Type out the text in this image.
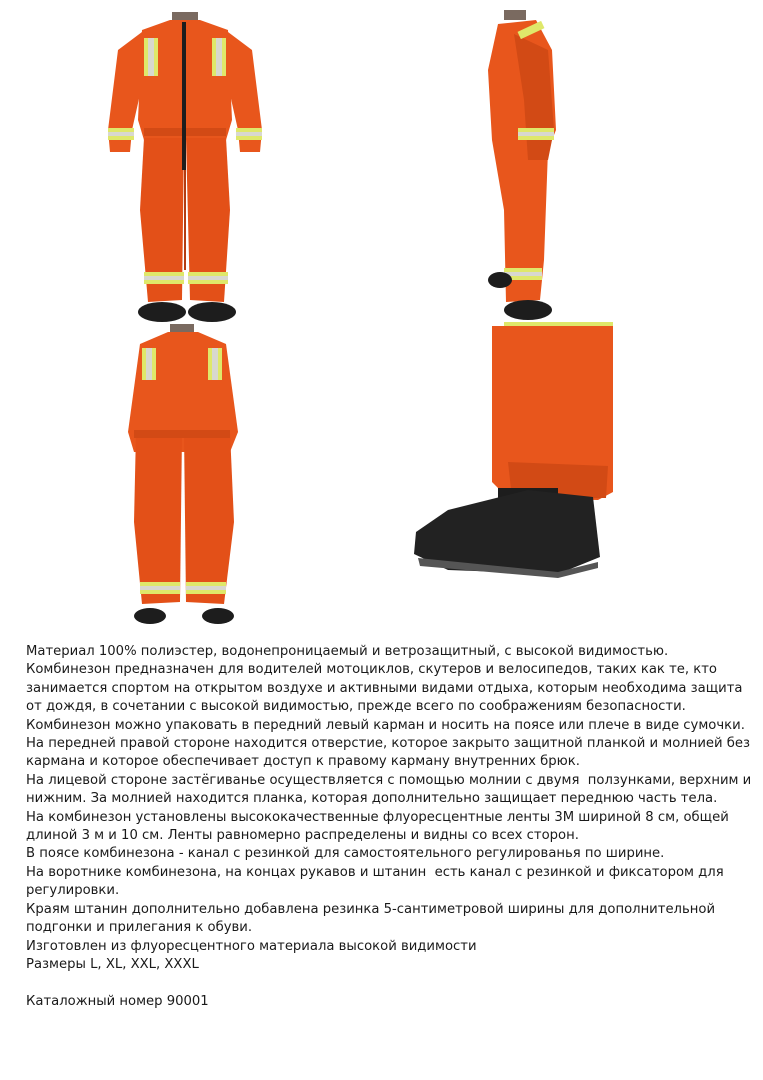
Материал 100% полиэстер, водонепроницаемый и ветрозащитный, с высокой видимостью.

Комбинезон предназначен для водителей мотоциклов, скутеров и велосипедов, таких как те, кто занимается спортом на открытом воздухе и активными видами отдыха, которым необходима защита от дождя, в сочетании с высокой видимостью, прежде всего по соображениям безопасности.

Комбинезон можно упаковать в передний левый карман и носить на поясе или плече в виде сумочки.

На передней правой стороне находится отверстие, которое закрыто защитной планкой и молнией без кармана и которое обеспечивает доступ к правому карману внутренних брюк.

На лицевой стороне застёгиванье осуществляется с помощью молнии с двумя  ползунками, верхним и нижним. За молнией находится планка, которая дополнительно защищает переднюю часть тела.

На комбинезон установлены высококачественные флуоресцентные ленты 3M шириной 8 см, общей длиной 3 м и 10 см. Ленты равномерно распределены и видны со всех сторон.

В поясе комбинезона - канал с резинкой для самостоятельного регулированья по ширине.

На воротнике комбинезона, на концах рукавов и штанин  есть канал с резинкой и фиксатором для регулировки.

Краям штанин дополнительно добавлена резинка 5-сантиметровой ширины для дополнительной подгонки и прилегания к обуви.

Изготовлен из флуоресцентного материала высокой видимости

Размеры L, XL, XXL, XXXL

Каталожный номер 90001
